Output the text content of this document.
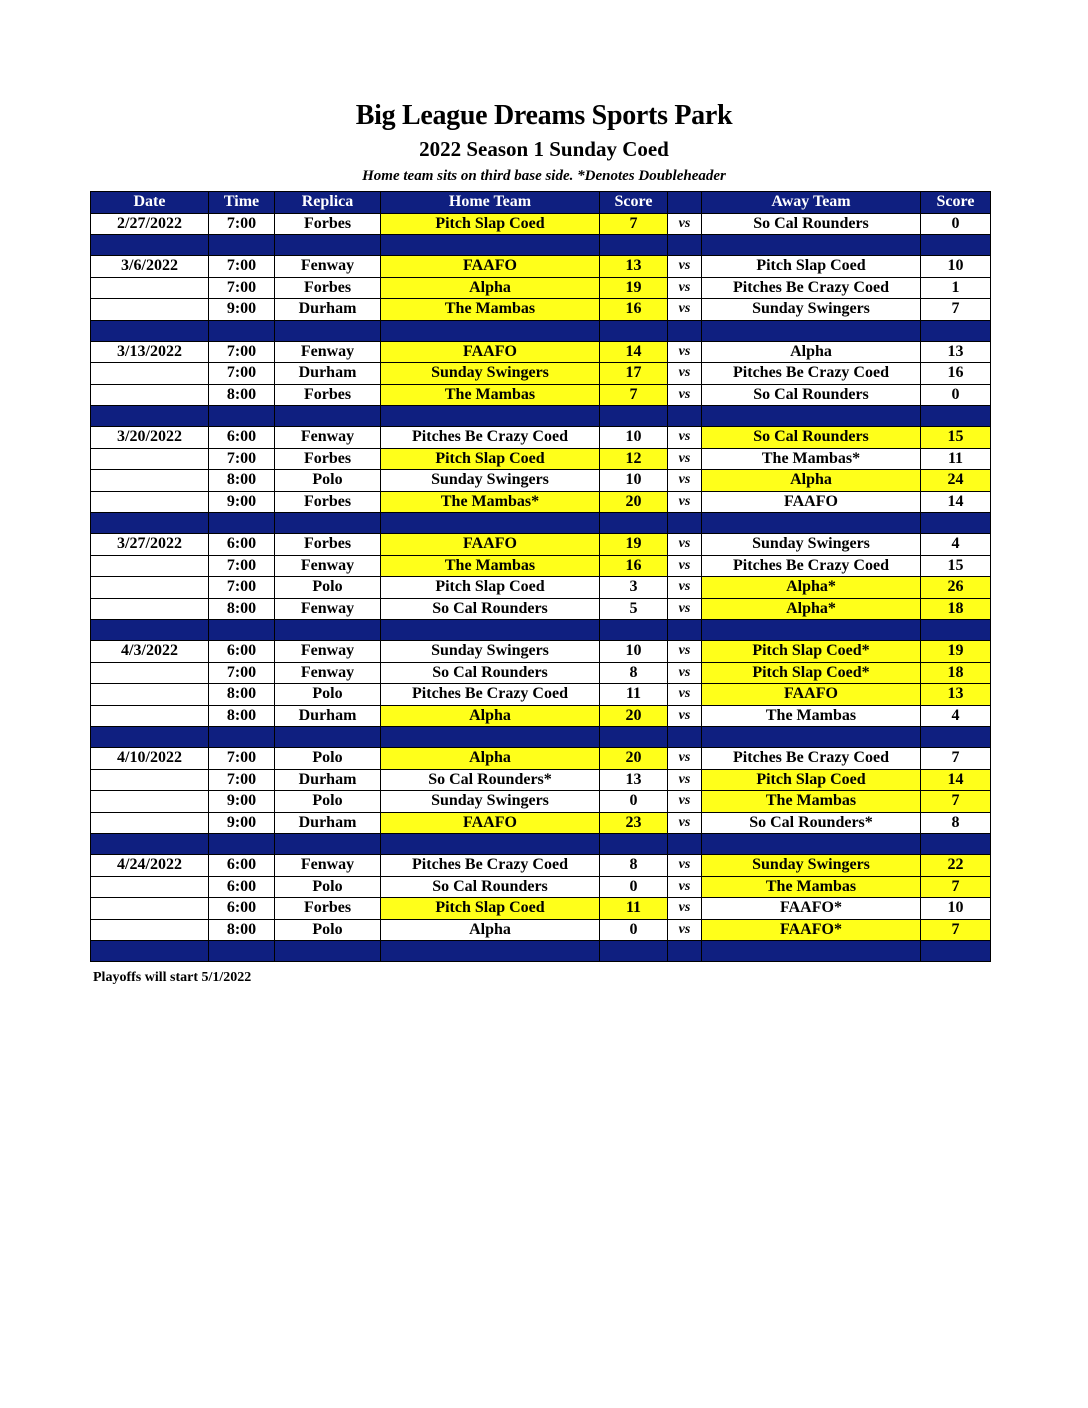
Big League Dreams Sports Park
2022 Season 1 Sunday Coed
Home team sits on third base side. *Denotes Doubleheader
Date	Time	Replica	Home Team	Score		Away Team	Score
2/27/2022	7:00	Forbes	Pitch Slap Coed	7	vs	So Cal Rounders	0

3/6/2022	7:00	Fenway	FAAFO	13	vs	Pitch Slap Coed	10
	7:00	Forbes	Alpha	19	vs	Pitches Be Crazy Coed	1
	9:00	Durham	The Mambas	16	vs	Sunday Swingers	7

3/13/2022	7:00	Fenway	FAAFO	14	vs	Alpha	13
	7:00	Durham	Sunday Swingers	17	vs	Pitches Be Crazy Coed	16
	8:00	Forbes	The Mambas	7	vs	So Cal Rounders	0

3/20/2022	6:00	Fenway	Pitches Be Crazy Coed	10	vs	So Cal Rounders	15
	7:00	Forbes	Pitch Slap Coed	12	vs	The Mambas*	11
	8:00	Polo	Sunday Swingers	10	vs	Alpha	24
	9:00	Forbes	The Mambas*	20	vs	FAAFO	14

3/27/2022	6:00	Forbes	FAAFO	19	vs	Sunday Swingers	4
	7:00	Fenway	The Mambas	16	vs	Pitches Be Crazy Coed	15
	7:00	Polo	Pitch Slap Coed	3	vs	Alpha*	26
	8:00	Fenway	So Cal Rounders	5	vs	Alpha*	18

4/3/2022	6:00	Fenway	Sunday Swingers	10	vs	Pitch Slap Coed*	19
	7:00	Fenway	So Cal Rounders	8	vs	Pitch Slap Coed*	18
	8:00	Polo	Pitches Be Crazy Coed	11	vs	FAAFO	13
	8:00	Durham	Alpha	20	vs	The Mambas	4

4/10/2022	7:00	Polo	Alpha	20	vs	Pitches Be Crazy Coed	7
	7:00	Durham	So Cal Rounders*	13	vs	Pitch Slap Coed	14
	9:00	Polo	Sunday Swingers	0	vs	The Mambas	7
	9:00	Durham	FAAFO	23	vs	So Cal Rounders*	8

4/24/2022	6:00	Fenway	Pitches Be Crazy Coed	8	vs	Sunday Swingers	22
	6:00	Polo	So Cal Rounders	0	vs	The Mambas	7
	6:00	Forbes	Pitch Slap Coed	11	vs	FAAFO*	10
	8:00	Polo	Alpha	0	vs	FAAFO*	7

Playoffs will start 5/1/2022
